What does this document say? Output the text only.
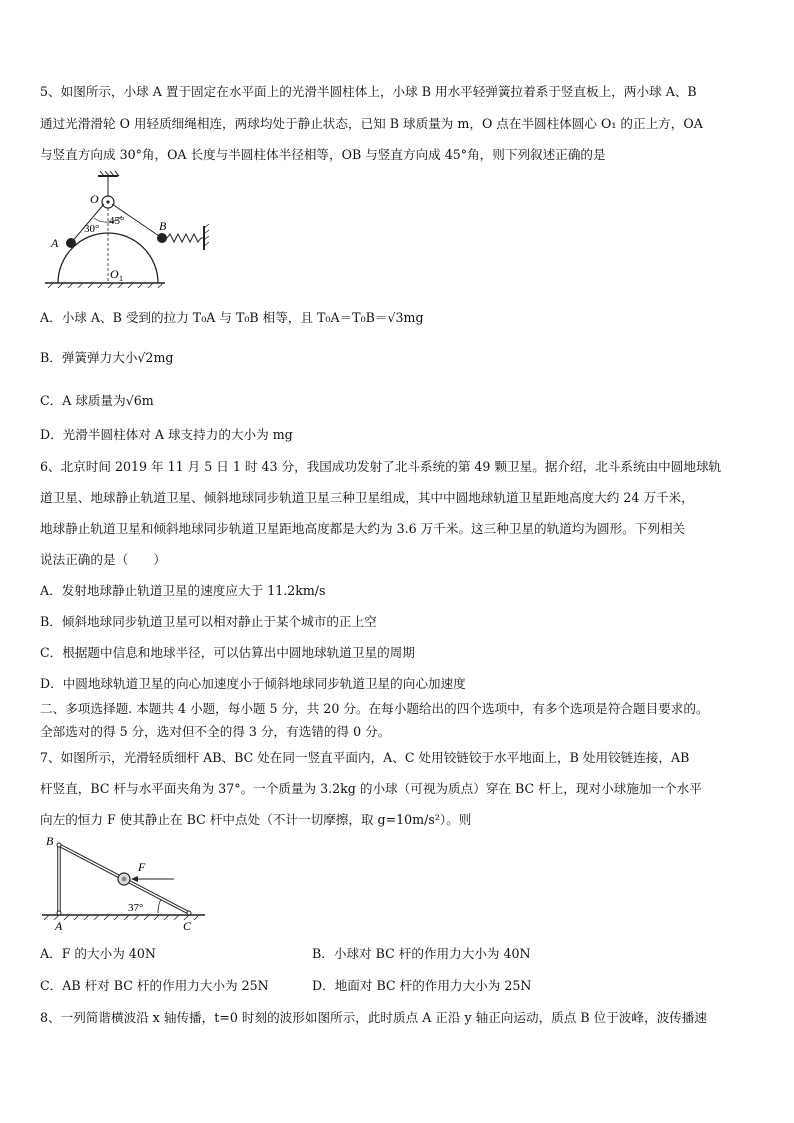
5、如图所示，小球 A 置于固定在水平面上的光滑半圆柱体上，小球 B 用水平轻弹簧拉着系于竖直板上，两小球 A、B
通过光滑滑轮 O 用轻质细绳相连，两球均处于静止状态，已知 B 球质量为 m，O 点在半圆柱体圆心 O₁ 的正上方，OA
与竖直方向成 30°角，OA 长度与半圆柱体半径相等，OB 与竖直方向成 45°角，则下列叙述正确的是
O
A
B
30°
45°
O 1
A．小球 A、B 受到的拉力 T₀A 与 T₀B 相等，且 T₀A＝T₀B＝√3mg
B．弹簧弹力大小√2mg
C．A 球质量为√6m
D．光滑半圆柱体对 A 球支持力的大小为 mg
6、北京时间 2019 年 11 月 5 日 1 时 43 分，我国成功发射了北斗系统的第 49 颗卫星。据介绍，北斗系统由中圆地球轨
道卫星、地球静止轨道卫星、倾斜地球同步轨道卫星三种卫星组成，其中中圆地球轨道卫星距地高度大约 24 万千米，
地球静止轨道卫星和倾斜地球同步轨道卫星距地高度都是大约为 3.6 万千米。这三种卫星的轨道均为圆形。下列相关
说法正确的是（　　）
A．发射地球静止轨道卫星的速度应大于 11.2km/s
B．倾斜地球同步轨道卫星可以相对静止于某个城市的正上空
C．根据题中信息和地球半径，可以估算出中圆地球轨道卫星的周期
D．中圆地球轨道卫星的向心加速度小于倾斜地球同步轨道卫星的向心加速度
二、多项选择题. 本题共 4 小题，每小题 5 分，共 20 分。在每小题给出的四个选项中，有多个选项是符合题目要求的。
全部选对的得 5 分，选对但不全的得 3 分，有选错的得 0 分。
7、如图所示，光滑轻质细杆 AB、BC 处在同一竖直平面内，A、C 处用铰链铰于水平地面上，B 处用铰链连接，AB
杆竖直，BC 杆与水平面夹角为 37°。一个质量为 3.2kg 的小球（可视为质点）穿在 BC 杆上，现对小球施加一个水平
向左的恒力 F 使其静止在 BC 杆中点处（不计一切摩擦，取 g=10m/s²）。则
B
A	C
F
37°
A．F 的大小为 40N	B．小球对 BC 杆的作用力大小为 40N
C．AB 杆对 BC 杆的作用力大小为 25N	D．地面对 BC 杆的作用力大小为 25N
8、一列简谐横波沿 x 轴传播，t=0 时刻的波形如图所示，此时质点 A 正沿 y 轴正向运动，质点 B 位于波峰，波传播速
